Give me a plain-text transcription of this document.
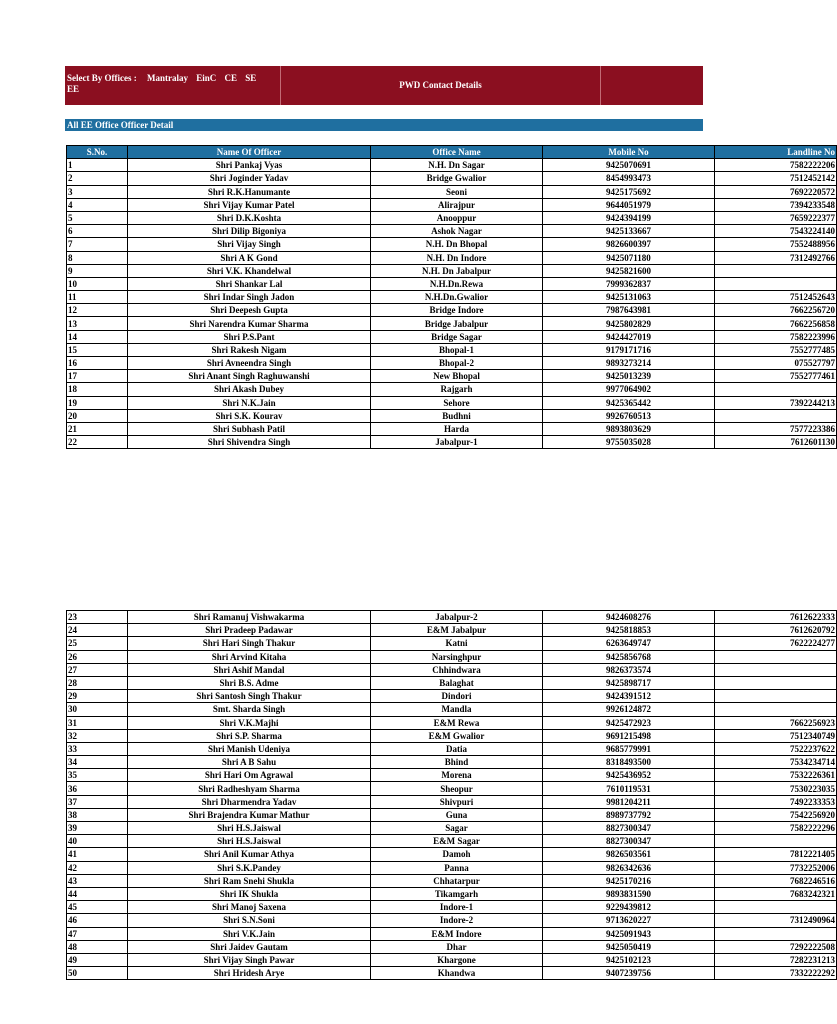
Select By Offices : Mantralay EinC CE SE
EE	PWD Contact Details
All EE Office Officer Detail
S.No.	Name Of Officer	Office Name	Mobile No	Landline No
1	Shri Pankaj Vyas	N.H. Dn Sagar	9425070691	7582222206
2	Shri Joginder Yadav	Bridge Gwalior	8454993473	7512452142
3	Shri R.K.Hanumante	Seoni	9425175692	7692220572
4	Shri Vijay Kumar Patel	Alirajpur	9644051979	7394233548
5	Shri D.K.Koshta	Anooppur	9424394199	7659222377
6	Shri Dilip Bigoniya	Ashok Nagar	9425133667	7543224140
7	Shri Vijay Singh	N.H. Dn Bhopal	9826600397	7552488956
8	Shri A K Gond	N.H. Dn Indore	9425071180	7312492766
9	Shri V.K. Khandelwal	N.H. Dn Jabalpur	9425821600	
10	Shri Shankar Lal	N.H.Dn.Rewa	7999362837	
11	Shri Indar Singh Jadon	N.H.Dn.Gwalior	9425131063	7512452643
12	Shri Deepesh Gupta	Bridge Indore	7987643981	7662256720
13	Shri Narendra Kumar Sharma	Bridge Jabalpur	9425802829	7662256858
14	Shri P.S.Pant	Bridge Sagar	9424427019	7582223996
15	Shri Rakesh Nigam	Bhopal-1	9179171716	7552777485
16	Shri Avneendra Singh	Bhopal-2	9893273214	075527797
17	Shri Anant Singh Raghuwanshi	New Bhopal	9425013239	7552777461
18	Shri Akash Dubey	Rajgarh	9977064902	
19	Shri N.K.Jain	Sehore	9425365442	7392244213
20	Shri S.K. Kourav	Budhni	9926760513	
21	Shri Subhash Patil	Harda	9893803629	7577223386
22	Shri Shivendra Singh	Jabalpur-1	9755035028	7612601130
23	Shri Ramanuj Vishwakarma	Jabalpur-2	9424608276	7612622333
24	Shri Pradeep Padawar	E&M Jabalpur	9425818853	7612620792
25	Shri Hari Singh Thakur	Katni	6263649747	7622224277
26	Shri Arvind Kitaha	Narsinghpur	9425856768	
27	Shri Ashif Mandal	Chhindwara	9826373574	
28	Shri B.S. Adme	Balaghat	9425898717	
29	Shri Santosh Singh Thakur	Dindori	9424391512	
30	Smt. Sharda Singh	Mandla	9926124872	
31	Shri V.K.Majhi	E&M Rewa	9425472923	7662256923
32	Shri S.P. Sharma	E&M Gwalior	9691215498	7512340749
33	Shri Manish Udeniya	Datia	9685779991	7522237622
34	Shri A B Sahu	Bhind	8318493500	7534234714
35	Shri Hari Om Agrawal	Morena	9425436952	7532226361
36	Shri Radheshyam Sharma	Sheopur	7610119531	7530223035
37	Shri Dharmendra Yadav	Shivpuri	9981204211	7492233353
38	Shri Brajendra Kumar Mathur	Guna	8989737792	7542256920
39	Shri H.S.Jaiswal	Sagar	8827300347	7582222296
40	Shri H.S.Jaiswal	E&M Sagar	8827300347	
41	Shri Anil Kumar Athya	Damoh	9826503561	7812221405
42	Shri S.K.Pandey	Panna	9826342636	7732252006
43	Shri Ram Snehi Shukla	Chhatarpur	9425170216	7682246516
44	Shri IK Shukla	Tikamgarh	9893831590	7683242321
45	Shri Manoj Saxena	Indore-1	9229439812	
46	Shri S.N.Soni	Indore-2	9713620227	7312490964
47	Shri V.K.Jain	E&M Indore	9425091943	
48	Shri Jaidev Gautam	Dhar	9425050419	7292222508
49	Shri Vijay Singh Pawar	Khargone	9425102123	7282231213
50	Shri Hridesh Arye	Khandwa	9407239756	7332222292
